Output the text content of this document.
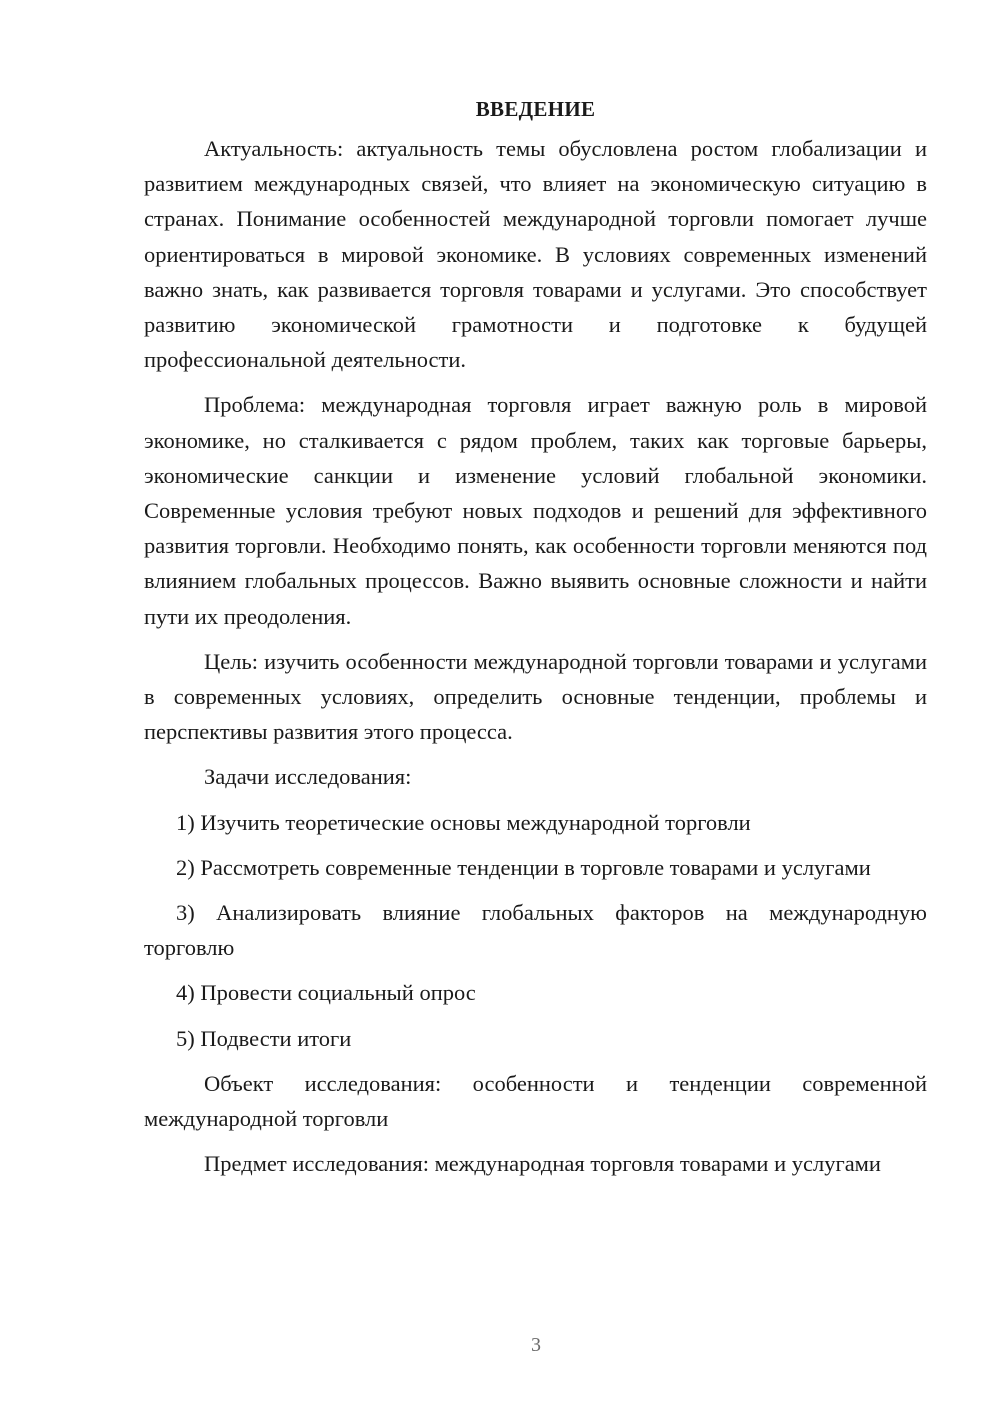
ВВЕДЕНИЕ

Актуальность: актуальность темы обусловлена ростом глобализации и развитием международных связей, что влияет на экономическую ситуацию в странах. Понимание особенностей международной торговли помогает лучше ориентироваться в мировой экономике. В условиях современных изменений важно знать, как развивается торговля товарами и услугами. Это способствует развитию экономической грамотности и подготовке к будущей профессиональной деятельности.

Проблема: международная торговля играет важную роль в мировой экономике, но сталкивается с рядом проблем, таких как торговые барьеры, экономические санкции и изменение условий глобальной экономики. Современные условия требуют новых подходов и решений для эффективного развития торговли. Необходимо понять, как особенности торговли меняются под влиянием глобальных процессов. Важно выявить основные сложности и найти пути их преодоления.

Цель: изучить особенности международной торговли товарами и услугами в современных условиях, определить основные тенденции, проблемы и перспективы развития этого процесса.

Задачи исследования:

1) Изучить теоретические основы международной торговли

2) Рассмотреть современные тенденции в торговле товарами и услугами

3) Анализировать влияние глобальных факторов на международную торговлю

4) Провести социальный опрос

5) Подвести итоги

Объект исследования: особенности и тенденции современной международной торговли

Предмет исследования: международная торговля товарами и услугами

3
